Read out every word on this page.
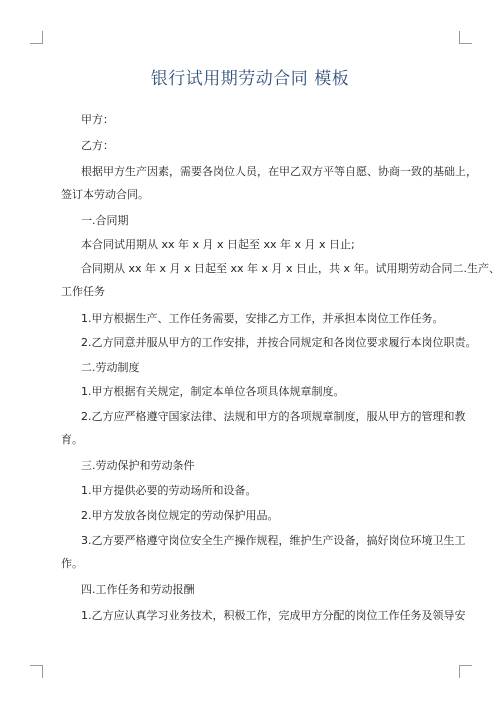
银行试用期劳动合同 模板

甲方：

乙方：

根据甲方生产因素，需要各岗位人员，在甲乙双方平等自愿、协商一致的基础上，

签订本劳动合同。

一.合同期

本合同试用期从 xx 年 x 月 x 日起至 xx 年 x 月 x 日止;

合同期从 xx 年 x 月 x 日起至 xx 年 x 月 x 日止，共 x 年。试用期劳动合同二.生产、

工作任务

1.甲方根据生产、工作任务需要，安排乙方工作，并承担本岗位工作任务。

2.乙方同意并服从甲方的工作安排，并按合同规定和各岗位要求履行本岗位职责。

二.劳动制度

1.甲方根据有关规定，制定本单位各项具体规章制度。

2.乙方应严格遵守国家法律、法规和甲方的各项规章制度，服从甲方的管理和教

育。

三.劳动保护和劳动条件

1.甲方提供必要的劳动场所和设备。

2.甲方发放各岗位规定的劳动保护用品。

3.乙方要严格遵守岗位安全生产操作规程，维护生产设备，搞好岗位环境卫生工

作。

四.工作任务和劳动报酬

1.乙方应认真学习业务技术，积极工作，完成甲方分配的岗位工作任务及领导安
